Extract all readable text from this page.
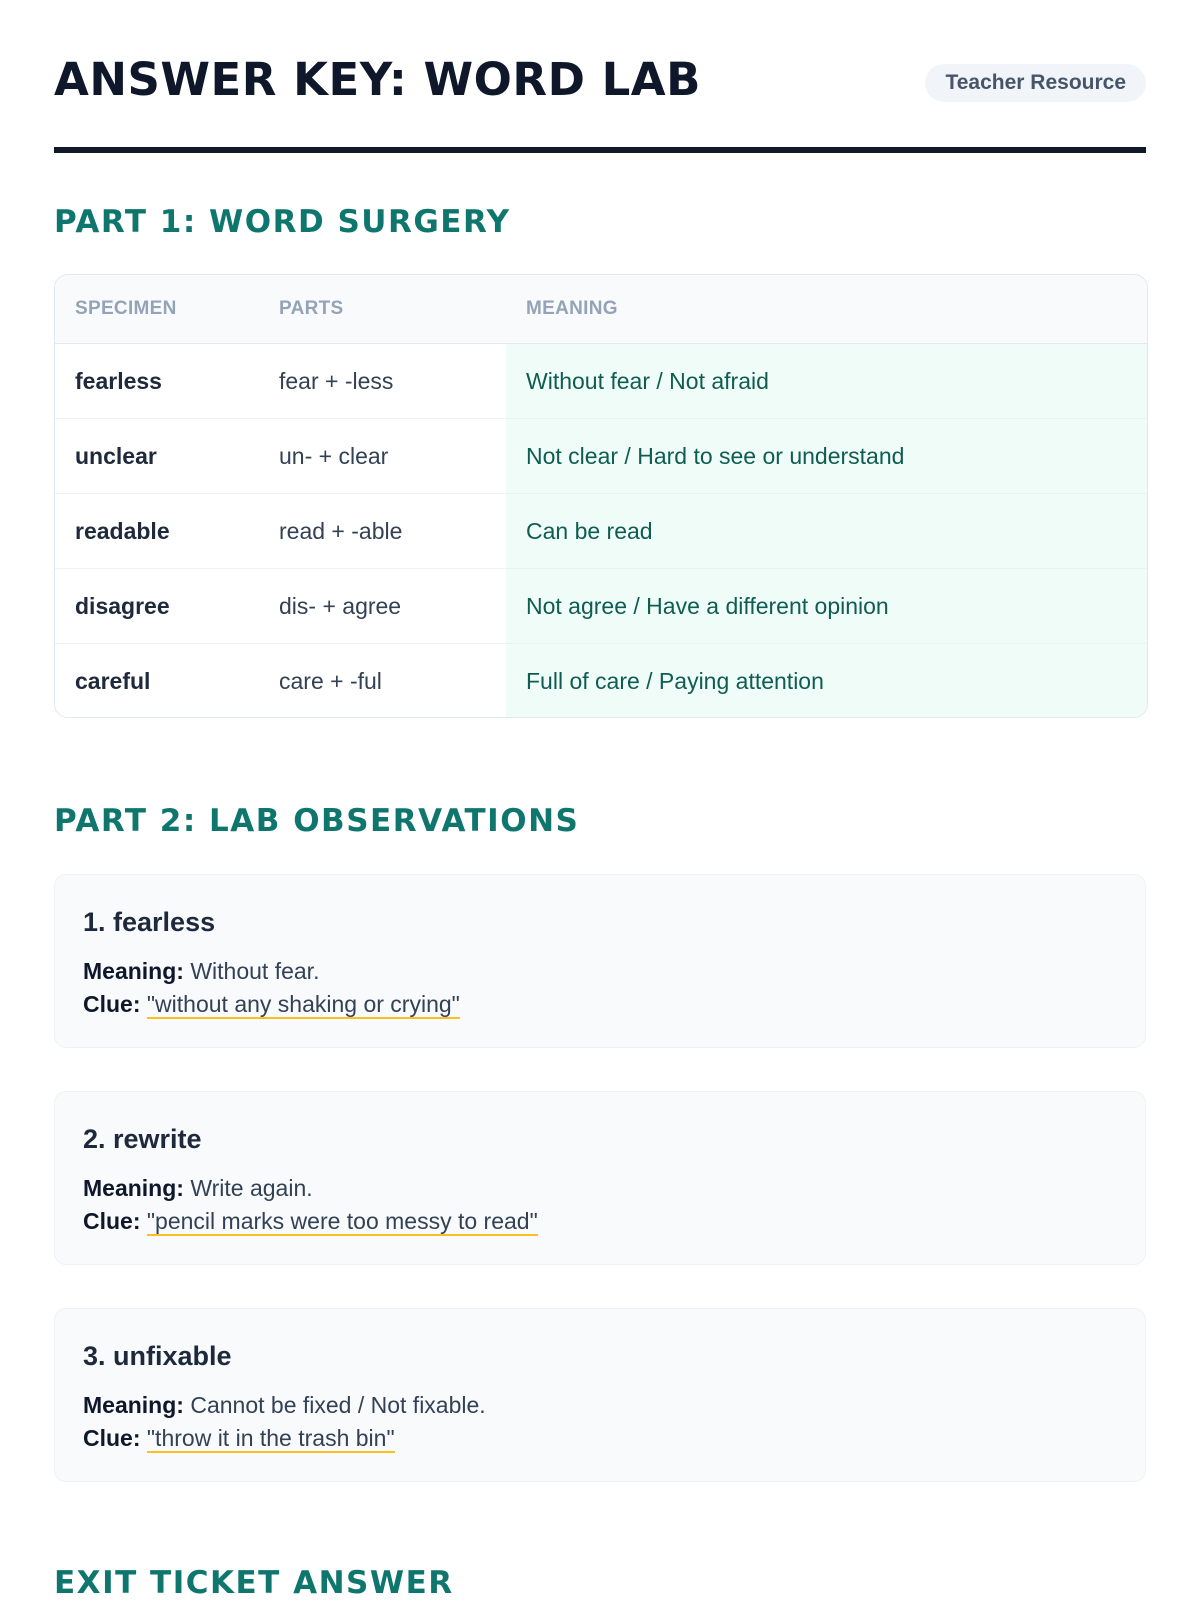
ANSWER KEY: WORD LAB	Teacher Resource
PART 1: WORD SURGERY
SPECIMEN	PARTS	MEANING
fearless	fear + -less	Without fear / Not afraid
unclear	un- + clear	Not clear / Hard to see or understand
readable	read + -able	Can be read
disagree	dis- + agree	Not agree / Have a different opinion
careful	care + -ful	Full of care / Paying attention
PART 2: LAB OBSERVATIONS
1. fearless
Meaning: Without fear.
Clue: "without any shaking or crying"
2. rewrite
Meaning: Write again.
Clue: "pencil marks were too messy to read"
3. unfixable
Meaning: Cannot be fixed / Not fixable.
Clue: "throw it in the trash bin"
EXIT TICKET ANSWER
